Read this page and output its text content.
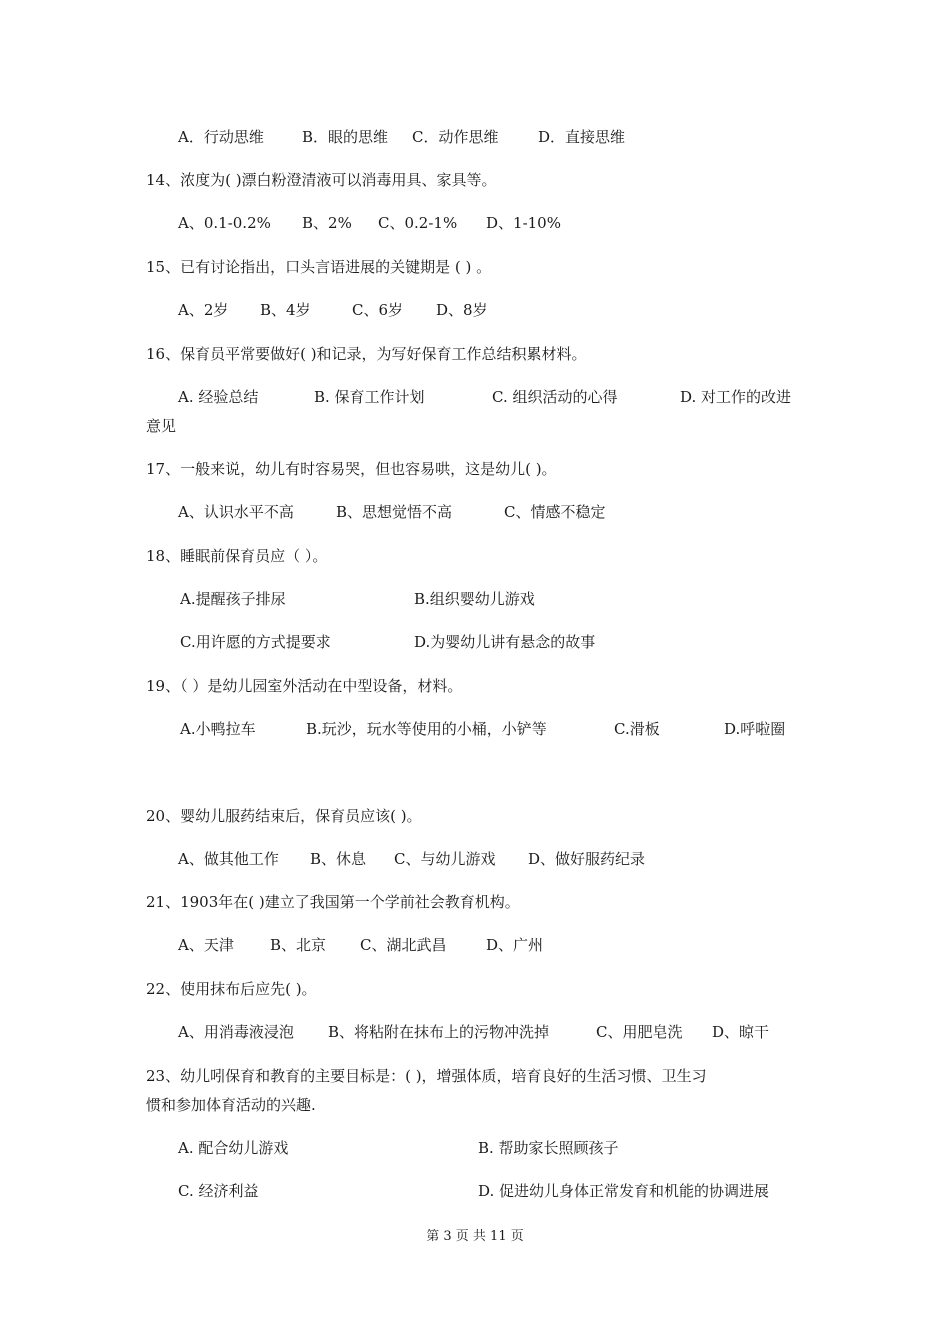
A．行动思维	B．眼的思维 C．动作思维	D．直接思维
14、浓度为( )漂白粉澄清液可以消毒用具、家具等。
A、0.1-0.2% B、2% C、0.2-1% D、1-10%
15、已有讨论指出，口头言语进展的关键期是 ( ) 。
A、2岁 B、4岁	C、6岁 D、8岁
16、保育员平常要做好( )和记录，为写好保育工作总结积累材料。
A. 经验总结	B. 保育工作计划	C. 组织活动的心得	D. 对工作的改进
意见
17、一般来说，幼儿有时容易哭，但也容易哄，这是幼儿( )。
A、认识水平不高	B、思想觉悟不高	C、情感不稳定
18、睡眠前保育员应（ ）。
A.提醒孩子排尿	B.组织婴幼儿游戏
C.用许愿的方式提要求	D.为婴幼儿讲有悬念的故事
19、（ ）是幼儿园室外活动在中型设备，材料。
A.小鸭拉车	B.玩沙，玩水等使用的小桶，小铲等	C.滑板	D.呼啦圈
20、婴幼儿服药结束后，保育员应该( )。
A、做其他工作 B、休息 C、与幼儿游戏 D、做好服药纪录
21、1903年在( )建立了我国第一个学前社会教育机构。
A、天津 B、北京 C、湖北武昌	D、广州
22、使用抹布后应先( )。
A、用消毒液浸泡 B、将粘附在抹布上的污物冲洗掉	C、用肥皂洗 D、晾干
23、幼儿吲保育和教育的主要目标是：( )，增强体质，培育良好的生活习惯、卫生习
惯和参加体育活动的兴趣.
A. 配合幼儿游戏	B. 帮助家长照顾孩子
C. 经济利益	D. 促进幼儿身体正常发育和机能的协调进展
第 3 页 共 11 页
